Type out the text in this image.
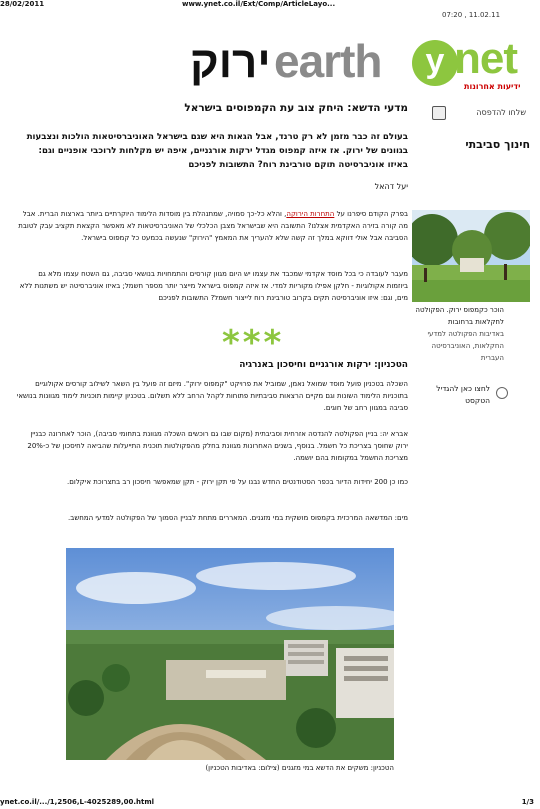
28/02/2011	www.ynet.co.il/Ext/Comp/ArticleLayo...
07:20 , 11.02.11
y net
ידיעות אחרונות
earth
ירוק
שלחו להדפסה
חינוך סביבתי
מדעי הדשא: היחק צוב עת הקמפוסים בישראל
בעולם זה כבר מזמן לא רק טרנד, אבל הגאות היא שגם בישראל האוניברסיטאות הולכות ונצבעות בגוונים של ירוק. אז איזה קמפוס מגדל ירקות אורגניים, איפה יש מקלחות לרוכבי אופניים וגם: באיזו אוניברסיטה תוקם טורבינת רוח? התשובות לפניכם
יעל דהאל
בפרק הקודם סיפרנו על התחרות הירוקה, והלא כל-כך סמויה, שמתנהלת בין מוסדות הלימוד היוקרתיים ביותר בארצות הברית. אבל מה קורה בזירה האקדמית אצלנו? התשובה היא שבישראל מצבן הכלכלי של האוניברסיטאות לא מאפשר הקצאת תקציב עבק לטובת הסביבה אבל אולי דווקא במלך זה קשה שלא להעריך את המאמץ "הירוק" שנעשה בכמעט כל קמפוס בישראל.
מעבר לעובדה כי בכל מוסד אקדמי שמכבד את עצמו יש היום מגוון קורסים והתמחויות בנושאי סביבה, גם השטח עצמו מלא גם ביוזמות אקולוגיות - חלקן אפילו מקוריות למדי. אז איזה קמפוס בישראל מייצר יותר מספר חשמל; באיזו אוניברסיטה יש משתנות ללא מים, וגם: איזו אוניברסיטה תקים בקרוב טורבינת רוח לייצור חשמל? התשובות לפניכם
***
הטכניון: ירקות אורגניים וחיסכון באנרגיה
השכלה בטכניון פועל מוסד שמואל נאמן, שמוביל את פרויקט "קמפוס ירוק". מיזם זה פועל בין השאר לשילוב קורסים אקולוגיים בתוכניות הלימוד השונות וגם מקיים הרצאות סביבתיות פתוחות לקהל הרחב ללא תשלום. בטכניון קיימות תוכניות לימוד מגוונות בנושאי סביבה במגוון רחב של חוגים.
אברא יה: בניין הפקולטה להנדסה אזרחית וסביבתית (מקום שבו גם רוכשים השכלה מגוונת בתחומי סביבה), הוכר לאחרונה כבניין ירוק שחוסך בצריכת כל חשמל. בנוסף, בשנים האחרונות מגוונת בחלק מהפקולטות תוכנית התייעלות שהביאה לחיסכון של כ-20% מצריכת החשמל במקומות בהם יושמה.
כמו כן 200 יחידות הדיור בכפר הסטודנטים החדש נבנו על פי תקן ירוק - תקן שמאפשר חיסכון רב בתצרוכת איקלום.
מים: המדשאה המרכזית בקמפוס מושקית במי מזגנים. המאררים מתחת לבניין הסמוך של הפקולטה למדעי המחשב.
הוכר כקמפוס ירוק. הפקולטה לחקלאות ברחובות
באדיבות הפקולטה למדעי החקלאות, האוניברסיטה העברית
לחצו כאן להגדיל הטקסט
הטכניון: משקים את הדשא במי מזגנים (צילום: באדיבות הטכניון)
ynet.co.il/.../1,2506,L-4025289,00.html	1/3
